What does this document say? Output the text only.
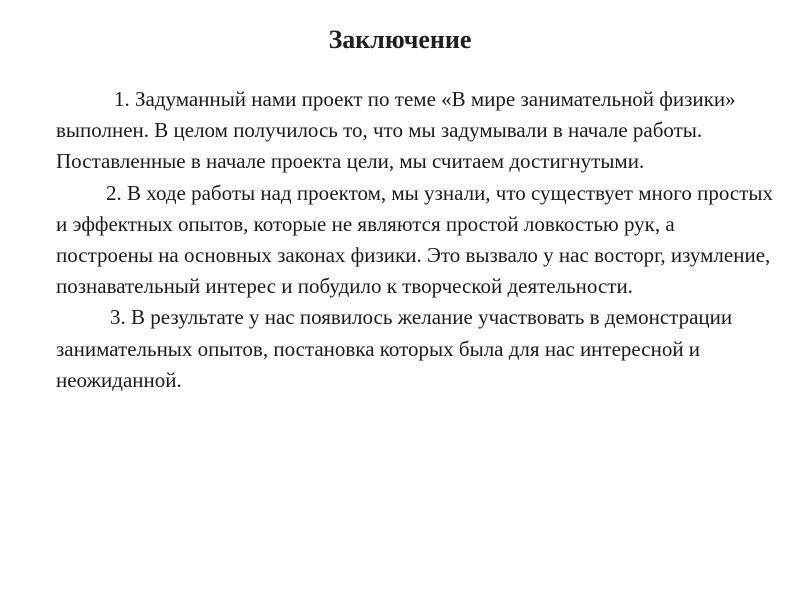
Заключение

1. Задуманный нами проект по теме «В мире занимательной физики» выполнен. В целом получилось то, что мы задумывали в начале работы. Поставленные в начале проекта цели, мы считаем достигнутыми.

2. В ходе работы над проектом, мы узнали, что существует много простых и эффектных опытов, которые не являются простой ловкостью рук, а построены на основных законах физики. Это вызвало у нас восторг, изумление, познавательный интерес и побудило к творческой деятельности.

3. В результате у нас появилось желание участвовать в демонстрации занимательных опытов, постановка которых была для нас интересной и неожиданной.
